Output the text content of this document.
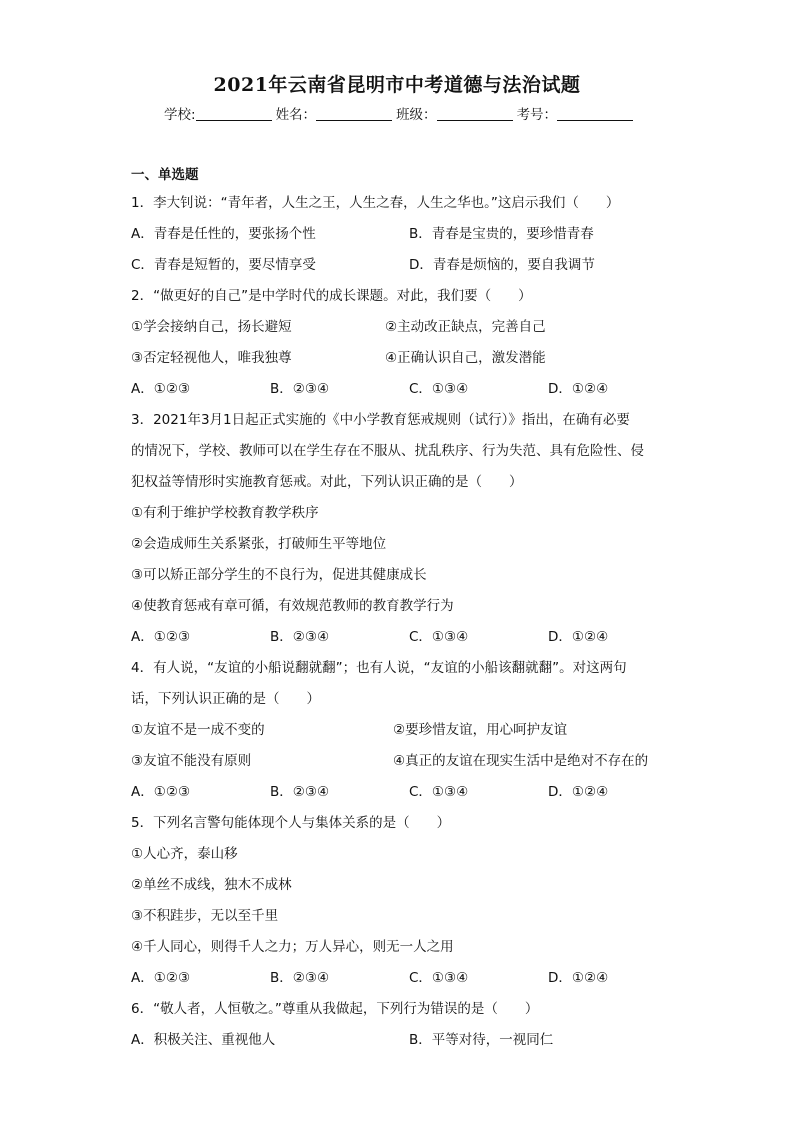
2021年云南省昆明市中考道德与法治试题
学校:	姓名：	班级：	考号：
一、单选题
1．李大钊说：“青年者，人生之王，人生之春，人生之华也。”这启示我们（　　）
A．青春是任性的，要张扬个性	B．青春是宝贵的，要珍惜青春
C．青春是短暂的，要尽情享受	D．青春是烦恼的，要自我调节
2．“做更好的自己”是中学时代的成长课题。对此，我们要（　　）
①学会接纳自己，扬长避短	②主动改正缺点，完善自己
③否定轻视他人，唯我独尊	④正确认识自己，激发潜能
A．①②③	B．②③④	C．①③④	D．①②④
3．2021年3月1日起正式实施的《中小学教育惩戒规则（试行）》指出，在确有必要
的情况下，学校、教师可以在学生存在不服从、扰乱秩序、行为失范、具有危险性、侵
犯权益等情形时实施教育惩戒。对此，下列认识正确的是（　　）
①有利于维护学校教育教学秩序
②会造成师生关系紧张，打破师生平等地位
③可以矫正部分学生的不良行为，促进其健康成长
④使教育惩戒有章可循，有效规范教师的教育教学行为
A．①②③	B．②③④	C．①③④	D．①②④
4．有人说，“友谊的小船说翻就翻”；也有人说，“友谊的小船该翻就翻”。对这两句
话，下列认识正确的是（　　）
①友谊不是一成不变的	②要珍惜友谊，用心呵护友谊
③友谊不能没有原则	④真正的友谊在现实生活中是绝对不存在的
A．①②③	B．②③④	C．①③④	D．①②④
5．下列名言警句能体现个人与集体关系的是（　　）
①人心齐，泰山移
②单丝不成线，独木不成林
③不积跬步，无以至千里
④千人同心，则得千人之力；万人异心，则无一人之用
A．①②③	B．②③④	C．①③④	D．①②④
6．“敬人者，人恒敬之。”尊重从我做起，下列行为错误的是（　　）
A．积极关注、重视他人	B．平等对待，一视同仁
